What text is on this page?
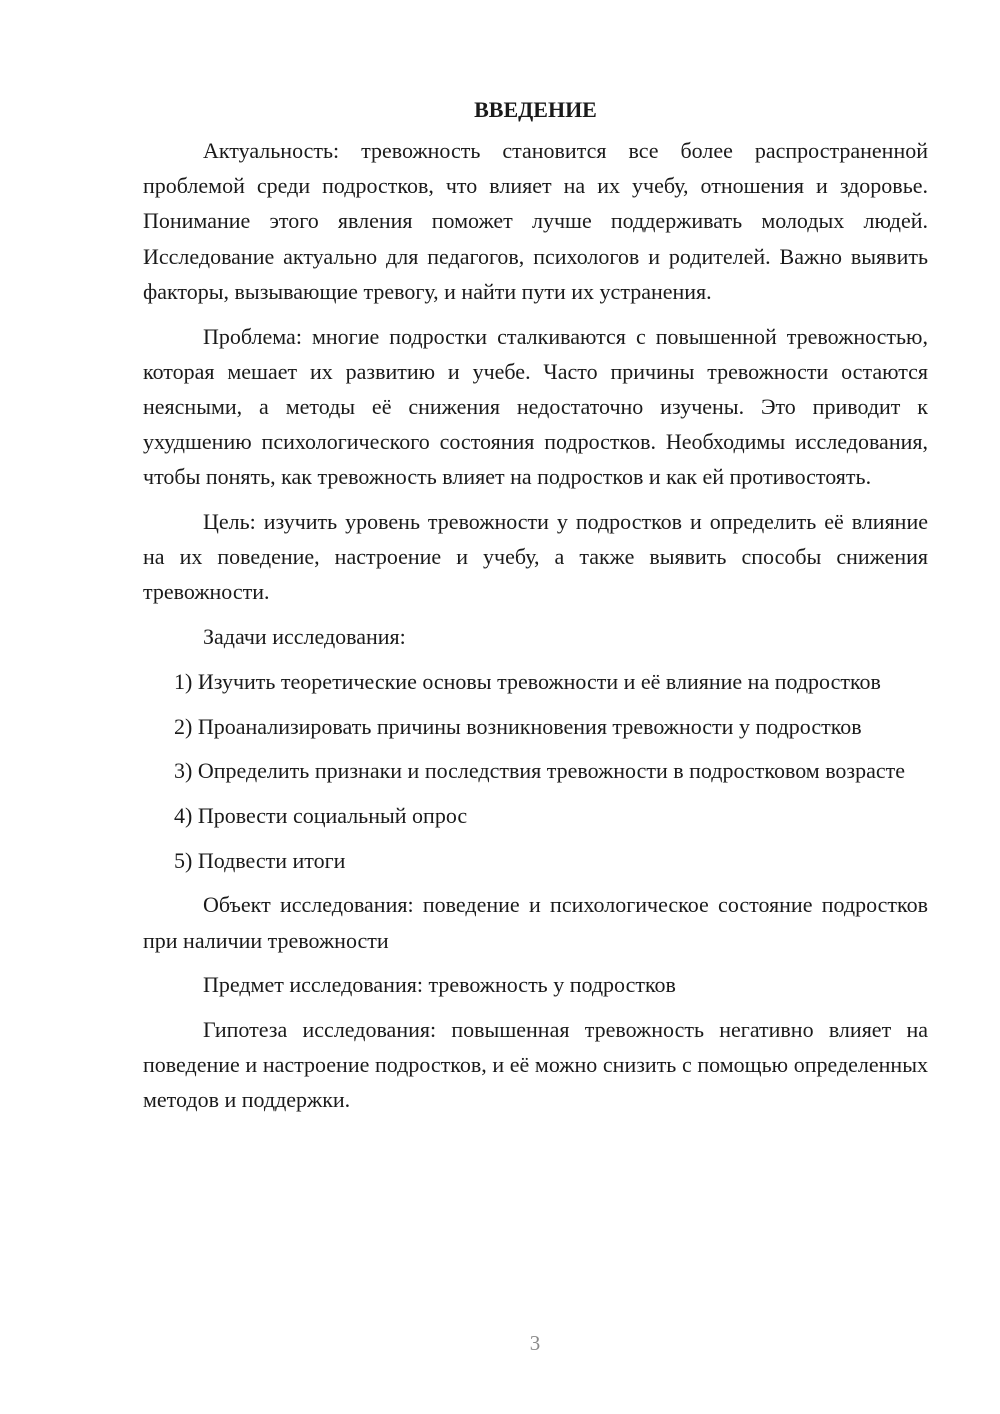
ВВЕДЕНИЕ

Актуальность: тревожность становится все более распространенной проблемой среди подростков, что влияет на их учебу, отношения и здоровье. Понимание этого явления поможет лучше поддерживать молодых людей. Исследование актуально для педагогов, психологов и родителей. Важно выявить факторы, вызывающие тревогу, и найти пути их устранения.

Проблема: многие подростки сталкиваются с повышенной тревожностью, которая мешает их развитию и учебе. Часто причины тревожности остаются неясными, а методы её снижения недостаточно изучены. Это приводит к ухудшению психологического состояния подростков. Необходимы исследования, чтобы понять, как тревожность влияет на подростков и как ей противостоять.

Цель: изучить уровень тревожности у подростков и определить её влияние на их поведение, настроение и учебу, а также выявить способы снижения тревожности.

Задачи исследования:

1) Изучить теоретические основы тревожности и её влияние на подростков

2) Проанализировать причины возникновения тревожности у подростков

3) Определить признаки и последствия тревожности в подростковом возрасте

4) Провести социальный опрос

5) Подвести итоги

Объект исследования: поведение и психологическое состояние подростков при наличии тревожности

Предмет исследования: тревожность у подростков

Гипотеза исследования: повышенная тревожность негативно влияет на поведение и настроение подростков, и её можно снизить с помощью определенных методов и поддержки.

3
